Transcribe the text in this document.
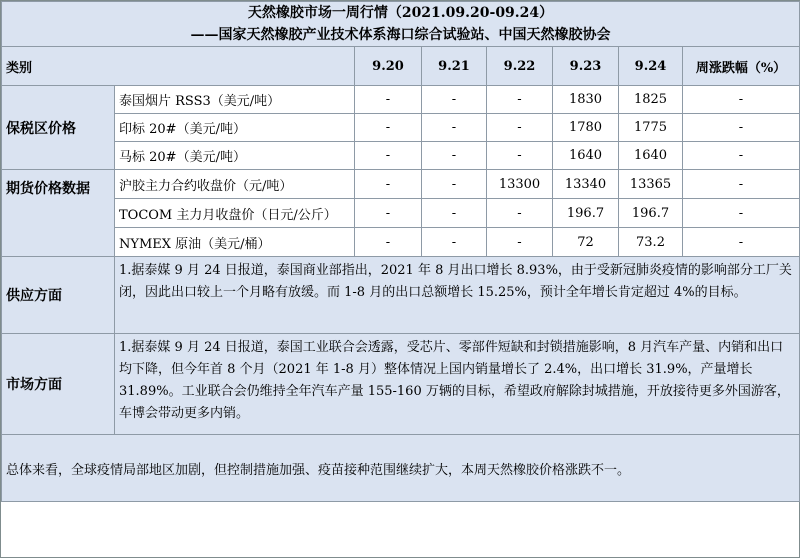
天然橡胶市场一周行情（2021.09.20-09.24）
——国家天然橡胶产业技术体系海口综合试验站、中国天然橡胶协会							

类别		9.20	9.21	9.22	9.23	9.24	周涨跌幅（%）
保税区价格	泰国烟片 RSS3（美元/吨）	-	-	-	1830	1825	-
	印标 20#（美元/吨）	-	-	-	1780	1775	-
	马标 20#（美元/吨）	-	-	-	1640	1640	-
期货价格数据	沪胶主力合约收盘价（元/吨）	-	-	13300	13340	13365	-
	TOCOM 主力月收盘价（日元/公斤）	-	-	-	196.7	196.7	-
	NYMEX 原油（美元/桶）	-	-	-	72	73.2	-
供应方面	1.据泰媒 9 月 24 日报道，泰国商业部指出，2021 年 8 月出口增长 8.93%，由于受新冠肺炎疫情的影响部分工厂关闭，因此出口较上一个月略有放缓。而 1-8 月的出口总额增长 15.25%，预计全年增长肯定超过 4%的目标。						
市场方面	1.据泰媒 9 月 24 日报道，泰国工业联合会透露，受芯片、零部件短缺和封锁措施影响，8 月汽车产量、内销和出口均下降，但今年首 8 个月（2021 年 1-8 月）整体情况上国内销量增长了 2.4%，出口增长 31.9%，产量增长 31.89%。工业联合会仍维持全年汽车产量 155-160 万辆的目标，希望政府解除封城措施，开放接待更多外国游客，车博会带动更多内销。						
总体来看，全球疫情局部地区加剧，但控制措施加强、疫苗接种范围继续扩大，本周天然橡胶价格涨跌不一。							
